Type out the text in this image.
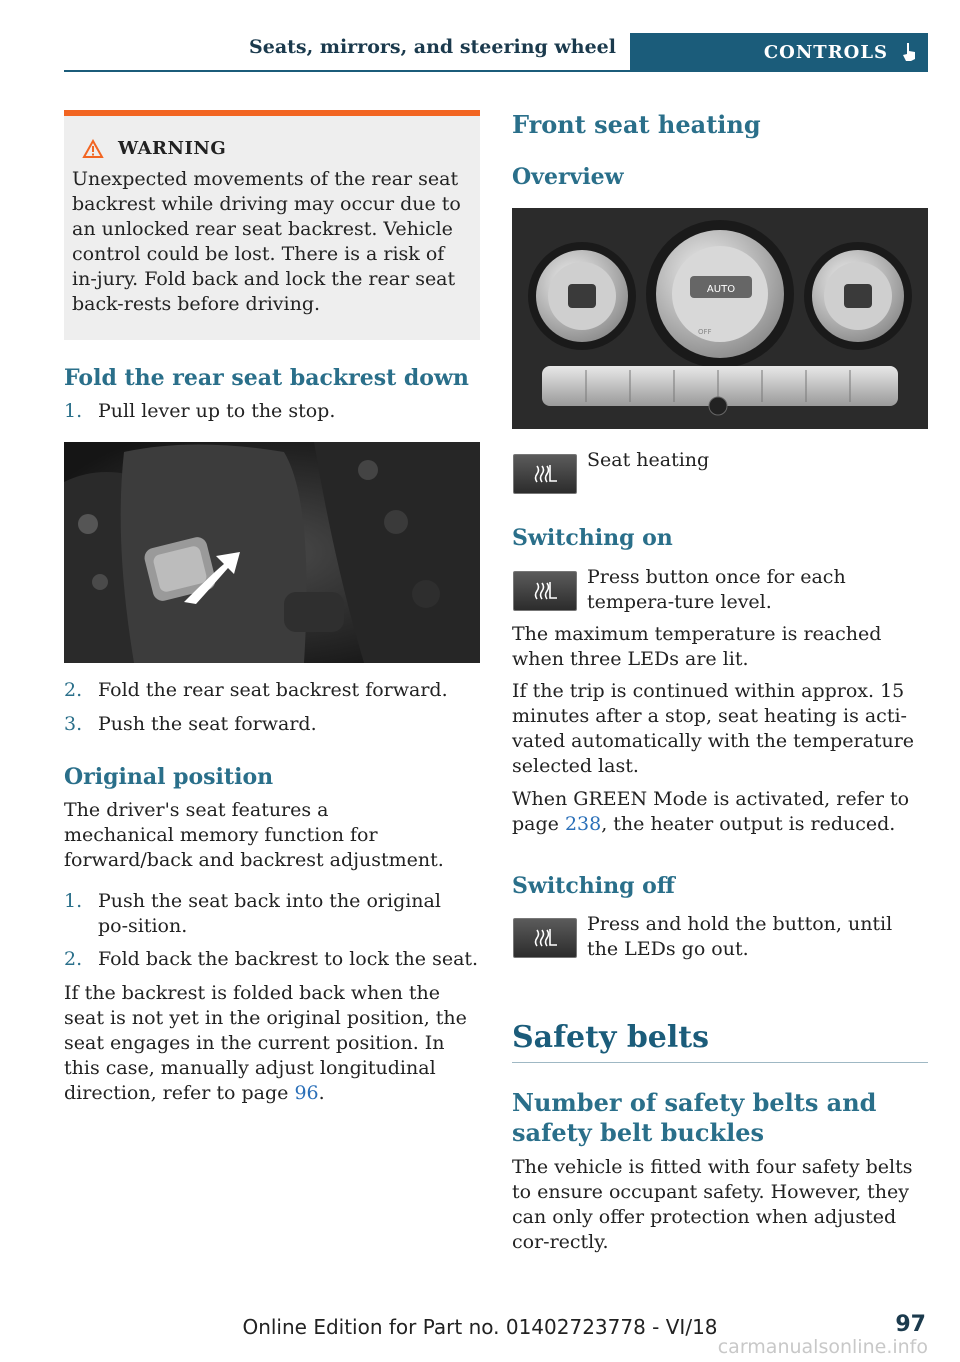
Seats, mirrors, and steering wheel	CONTROLS
WARNING
Unexpected movements of the rear seat backrest while driving may occur due to an unlocked rear seat backrest. Vehicle control could be lost. There is a risk of in-jury. Fold back and lock the rear seat back-rests before driving.
Fold the rear seat backrest down
1. Pull lever up to the stop.
2. Fold the rear seat backrest forward.
3. Push the seat forward.
Original position
The driver's seat features a mechanical memory function for forward/back and backrest adjustment.
1. Push the seat back into the original po-sition.
2. Fold back the backrest to lock the seat.
If the backrest is folded back when the seat is not yet in the original position, the seat engages in the current position. In this case, manually adjust longitudinal direction, refer to page 96.
Front seat heating
Overview
AUTO
OFF
Seat heating
Switching on
Press button once for each tempera-ture level.
The maximum temperature is reached when three LEDs are lit.
If the trip is continued within approx. 15 minutes after a stop, seat heating is acti-vated automatically with the temperature selected last.
When GREEN Mode is activated, refer to page 238, the heater output is reduced.
Switching off
Press and hold the button, until the LEDs go out.
Safety belts
Number of safety belts and safety belt buckles
The vehicle is fitted with four safety belts to ensure occupant safety. However, they can only offer protection when adjusted cor-rectly.
Online Edition for Part no. 01402723778 - VI/18	97
carmanualsonline.info
